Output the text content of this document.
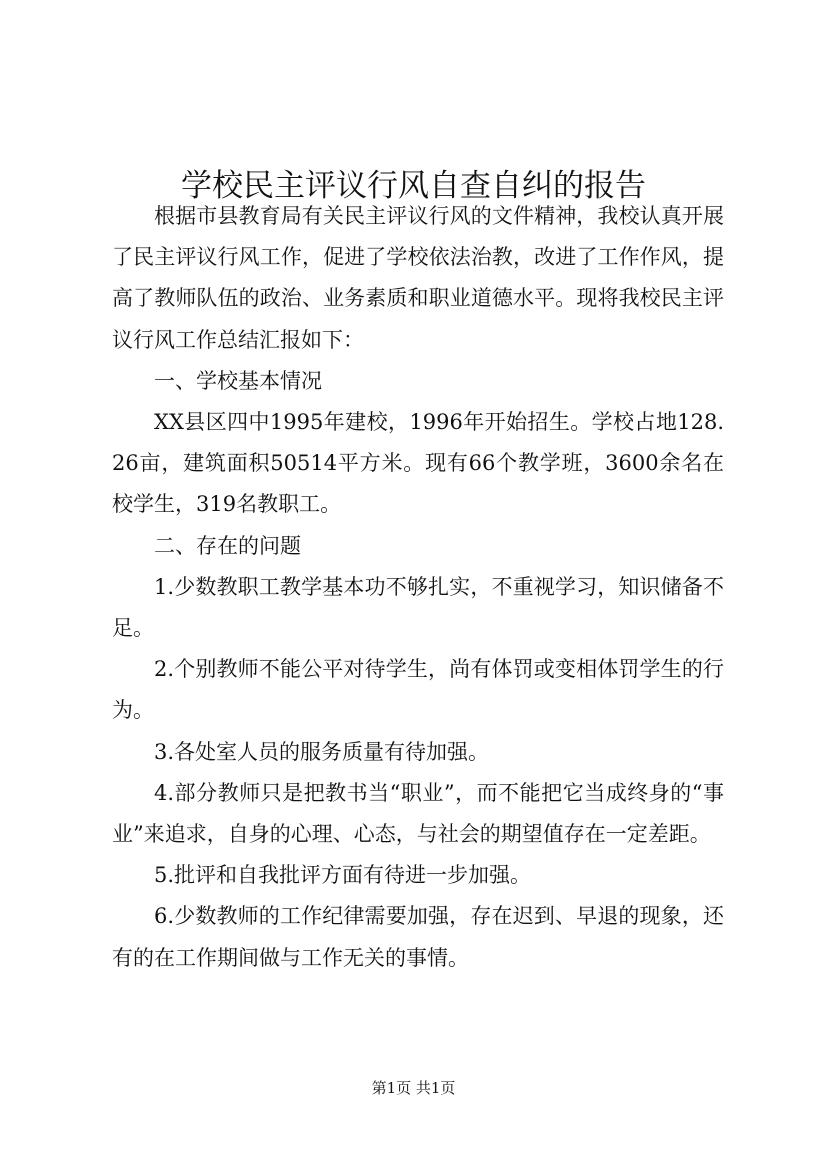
学校民主评议行风自查自纠的报告

根据市县教育局有关民主评议行风的文件精神，我校认真开展了民主评议行风工作，促进了学校依法治教，改进了工作作风，提高了教师队伍的政治、业务素质和职业道德水平。现将我校民主评议行风工作总结汇报如下：

一、学校基本情况

XX县区四中1995年建校，1996年开始招生。学校占地128.26亩，建筑面积50514平方米。现有66个教学班，3600余名在校学生，319名教职工。

二、存在的问题

1.少数教职工教学基本功不够扎实，不重视学习，知识储备不足。

2.个别教师不能公平对待学生，尚有体罚或变相体罚学生的行为。

3.各处室人员的服务质量有待加强。

4.部分教师只是把教书当“职业”，而不能把它当成终身的“事业”来追求，自身的心理、心态，与社会的期望值存在一定差距。

5.批评和自我批评方面有待进一步加强。

6.少数教师的工作纪律需要加强，存在迟到、早退的现象，还有的在工作期间做与工作无关的事情。

第1页 共1页
